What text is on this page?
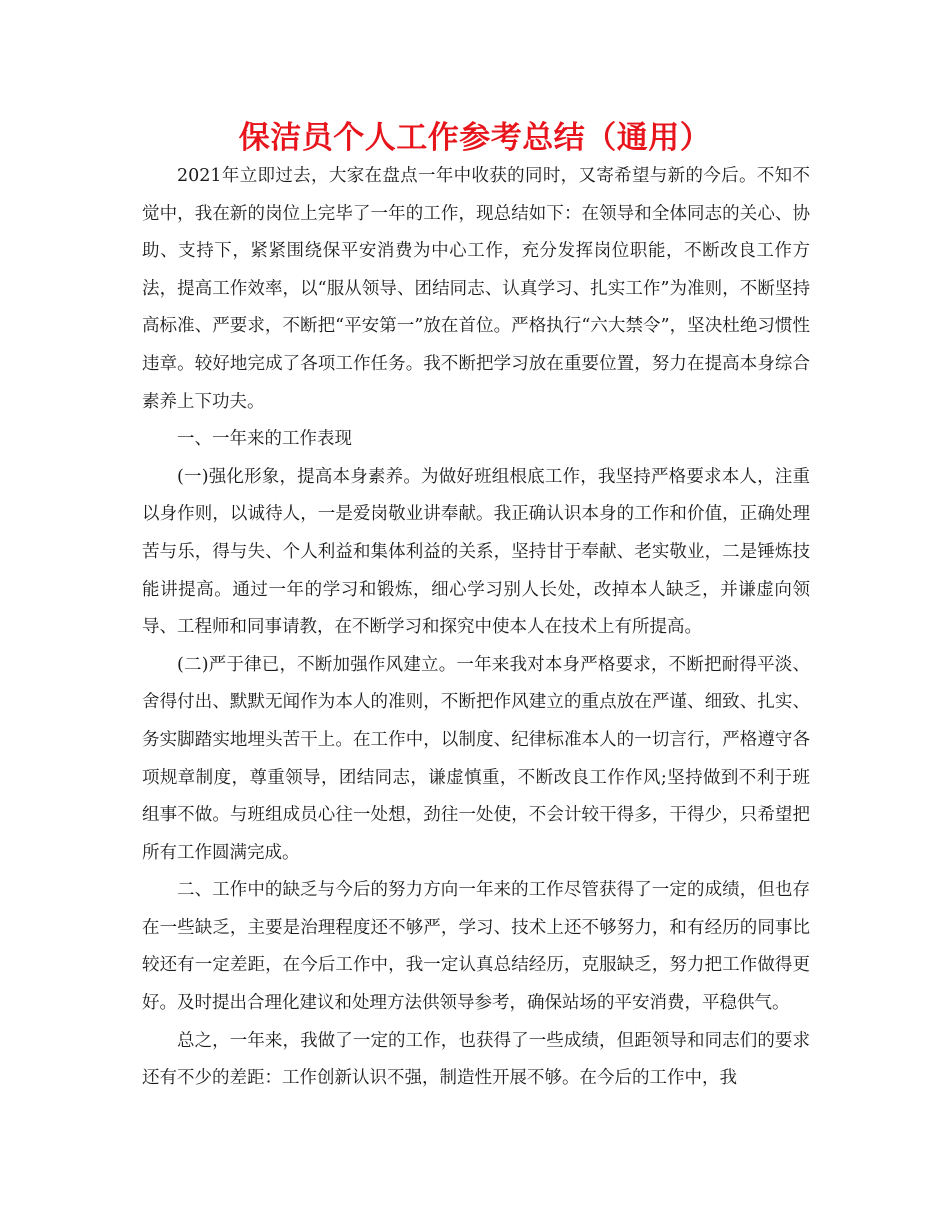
保洁员个人工作参考总结（通用）

2021年立即过去，大家在盘点一年中收获的同时，又寄希望与新的今后。不知不觉中，我在新的岗位上完毕了一年的工作，现总结如下：在领导和全体同志的关心、协助、支持下，紧紧围绕保平安消费为中心工作，充分发挥岗位职能，不断改良工作方法，提高工作效率，以“服从领导、团结同志、认真学习、扎实工作”为准则，不断坚持高标准、严要求，不断把“平安第一”放在首位。严格执行“六大禁令”，坚决杜绝习惯性违章。较好地完成了各项工作任务。我不断把学习放在重要位置，努力在提高本身综合素养上下功夫。

一、一年来的工作表现

(一)强化形象，提高本身素养。为做好班组根底工作，我坚持严格要求本人，注重以身作则，以诚待人，一是爱岗敬业讲奉献。我正确认识本身的工作和价值，正确处理苦与乐，得与失、个人利益和集体利益的关系，坚持甘于奉献、老实敬业，二是锤炼技能讲提高。通过一年的学习和锻炼，细心学习别人长处，改掉本人缺乏，并谦虚向领导、工程师和同事请教，在不断学习和探究中使本人在技术上有所提高。

(二)严于律已，不断加强作风建立。一年来我对本身严格要求，不断把耐得平淡、舍得付出、默默无闻作为本人的准则，不断把作风建立的重点放在严谨、细致、扎实、务实脚踏实地埋头苦干上。在工作中，以制度、纪律标准本人的一切言行，严格遵守各项规章制度，尊重领导，团结同志，谦虚慎重，不断改良工作作风;坚持做到不利于班组事不做。与班组成员心往一处想，劲往一处使，不会计较干得多，干得少，只希望把所有工作圆满完成。

二、工作中的缺乏与今后的努力方向一年来的工作尽管获得了一定的成绩，但也存在一些缺乏，主要是治理程度还不够严，学习、技术上还不够努力，和有经历的同事比较还有一定差距，在今后工作中，我一定认真总结经历，克服缺乏，努力把工作做得更好。及时提出合理化建议和处理方法供领导参考，确保站场的平安消费，平稳供气。

总之，一年来，我做了一定的工作，也获得了一些成绩，但距领导和同志们的要求还有不少的差距：工作创新认识不强，制造性开展不够。在今后的工作中，我
